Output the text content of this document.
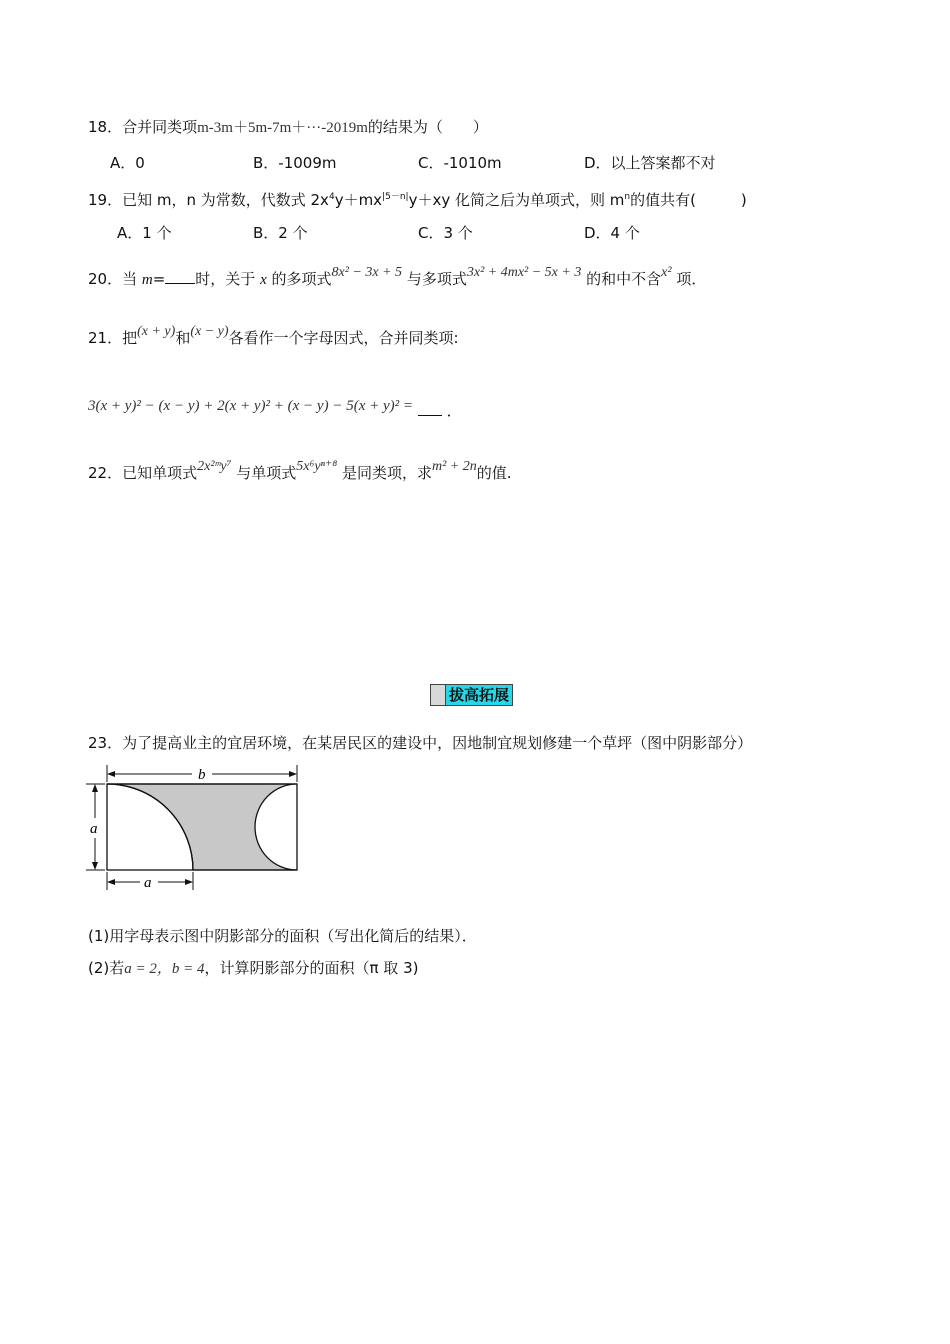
18．合并同类项m-3m＋5m-7m＋···-2019m的结果为（　　）
A．0	B．-1009m	C．-1010m	D．以上答案都不对
19．已知 m，n 为常数，代数式 $2x^4y+mx^{|5-n|}y+xy$ 化简之后为单项式，则 $m^n$的值共有(　　　)
A．1 个	B．2 个	C．3 个	D．4 个
20．当 m= 时，关于 x 的多项式8x² − 3x + 5 与多项式3x² + 4mx² − 5x + 3 的和中不含x² 项．
21．把(x + y)和(x − y)各看作一个字母因式，合并同类项:
3(x + y)² − (x − y) + 2(x + y)² + (x − y) − 5(x + y)² = ．
22．已知单项式2x²ᵐy⁷ 与单项式5x⁶yⁿ⁺⁸ 是同类项，求m² + 2n的值.
拔高拓展
23．为了提高业主的宜居环境，在某居民区的建设中，因地制宜规划修建一个草坪（图中阴影部分）
b
a
a
(1)用字母表示图中阴影部分的面积（写出化简后的结果）．
(2)若a = 2，b = 4，计算阴影部分的面积（π 取 3)
